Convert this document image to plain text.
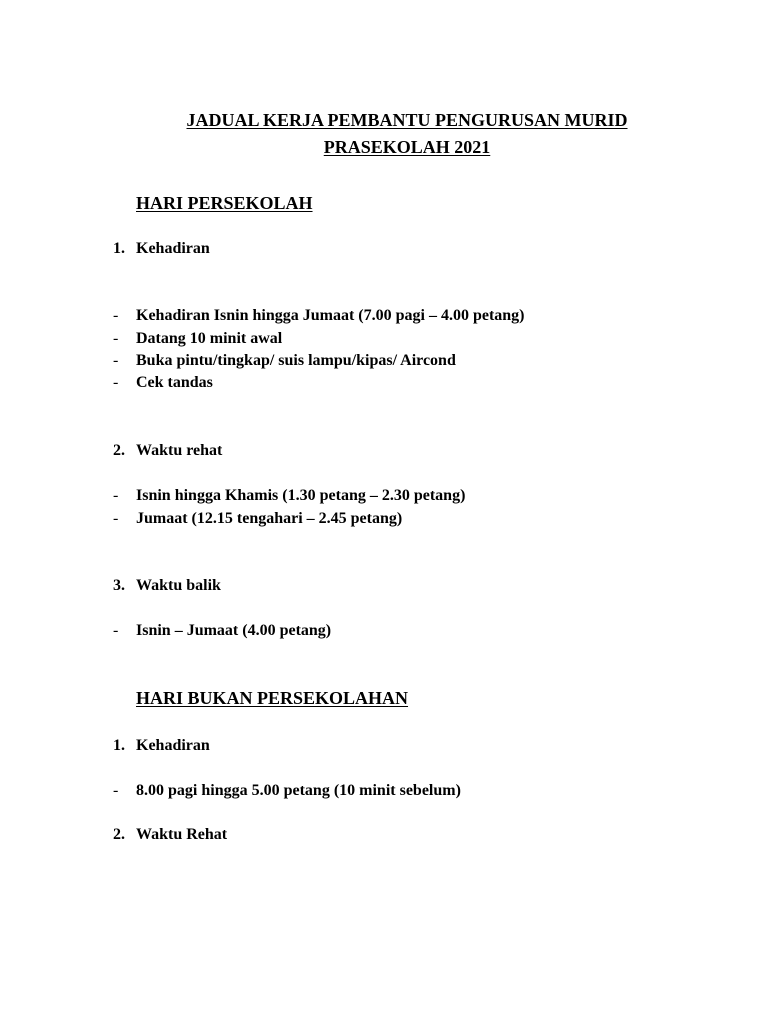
JADUAL KERJA PEMBANTU PENGURUSAN MURID
PRASEKOLAH 2021
HARI PERSEKOLAH
1. Kehadiran
- Kehadiran Isnin hingga Jumaat (7.00 pagi – 4.00 petang)
- Datang 10 minit awal
- Buka pintu/tingkap/ suis lampu/kipas/ Aircond
- Cek tandas
2. Waktu rehat
- Isnin hingga Khamis (1.30 petang – 2.30 petang)
- Jumaat (12.15 tengahari – 2.45 petang)
3. Waktu balik
- Isnin – Jumaat (4.00 petang)
HARI BUKAN PERSEKOLAHAN
1. Kehadiran
- 8.00 pagi hingga 5.00 petang (10 minit sebelum)
2. Waktu Rehat
